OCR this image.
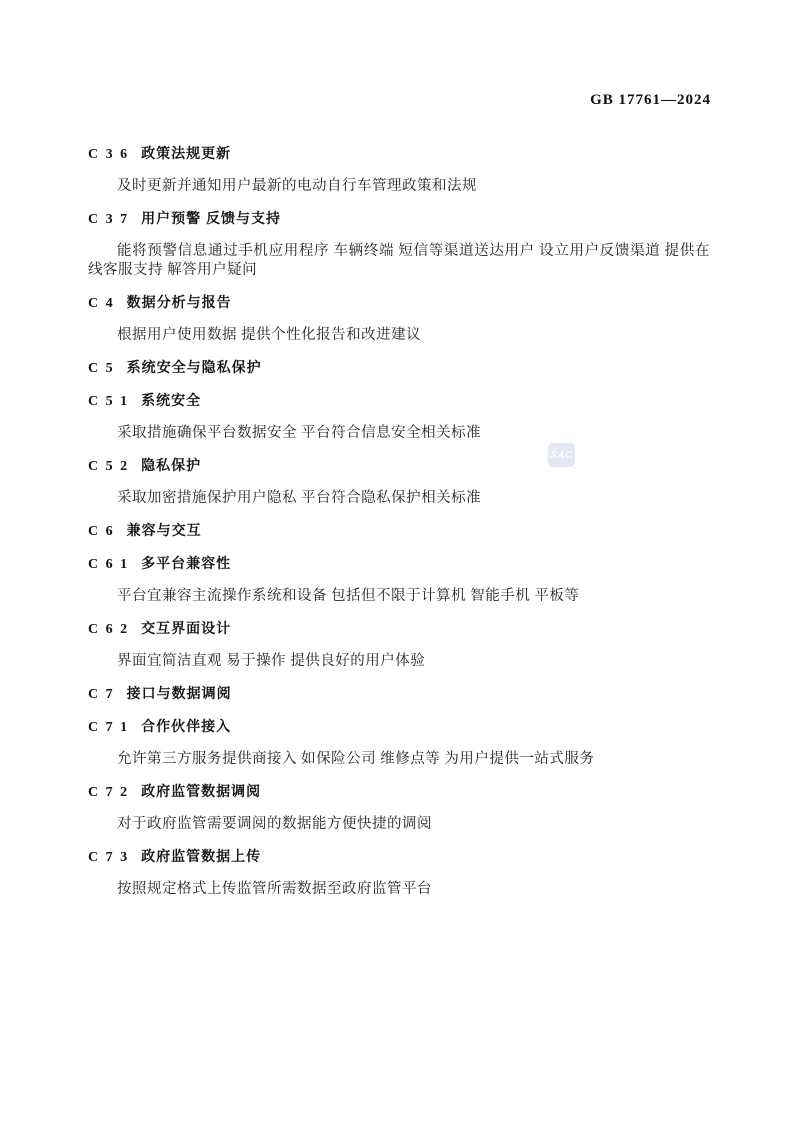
GB 17761—2024
SAC
C 3 6 政策法规更新

及时更新并通知用户最新的电动自行车管理政策和法规

C 3 7 用户预警 反馈与支持

能将预警信息通过手机应用程序 车辆终端 短信等渠道送达用户 设立用户反馈渠道 提供在线客服支持 解答用户疑问

C 4 数据分析与报告

根据用户使用数据 提供个性化报告和改进建议

C 5 系统安全与隐私保护
C 5 1 系统安全

采取措施确保平台数据安全 平台符合信息安全相关标准

C 5 2 隐私保护

采取加密措施保护用户隐私 平台符合隐私保护相关标准

C 6 兼容与交互
C 6 1 多平台兼容性

平台宜兼容主流操作系统和设备 包括但不限于计算机 智能手机 平板等

C 6 2 交互界面设计

界面宜简洁直观 易于操作 提供良好的用户体验

C 7 接口与数据调阅
C 7 1 合作伙伴接入

允许第三方服务提供商接入 如保险公司 维修点等 为用户提供一站式服务

C 7 2 政府监管数据调阅

对于政府监管需要调阅的数据能方便快捷的调阅

C 7 3 政府监管数据上传

按照规定格式上传监管所需数据至政府监管平台
